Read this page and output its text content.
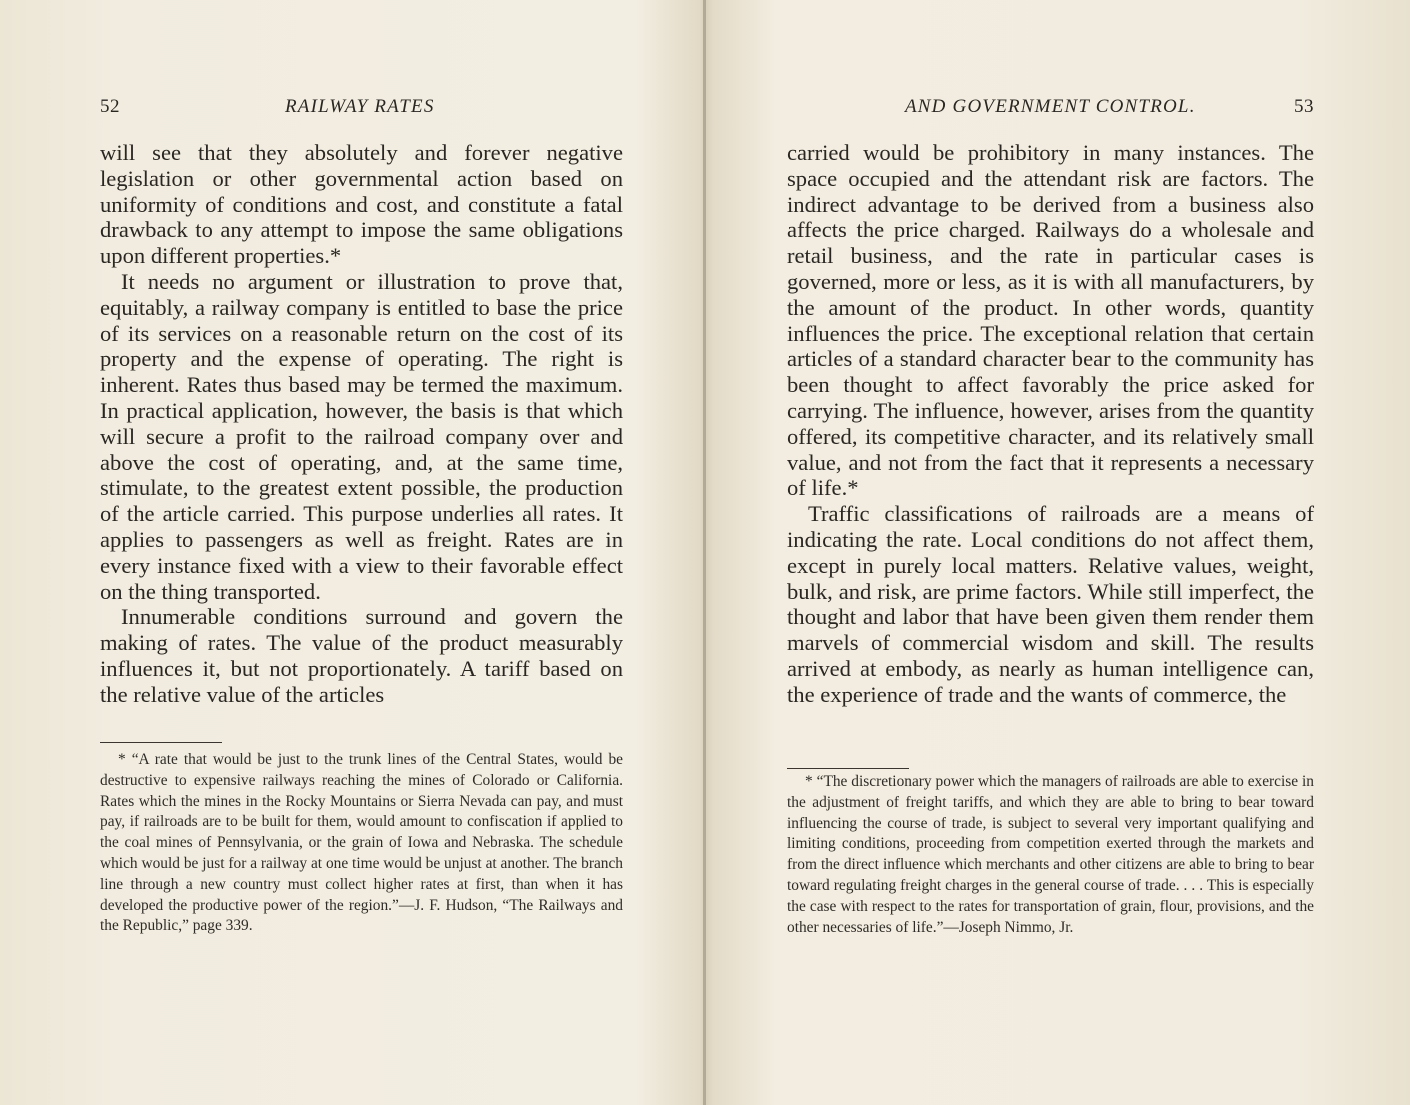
52	RAILWAY RATES

will see that they absolutely and forever negative legislation or other governmental action based on uniformity of conditions and cost, and constitute a fatal drawback to any attempt to impose the same obligations upon different properties.*

It needs no argument or illustration to prove that, equitably, a railway company is entitled to base the price of its services on a reasonable return on the cost of its property and the expense of operating. The right is inherent. Rates thus based may be termed the maximum. In practical application, however, the basis is that which will secure a profit to the railroad company over and above the cost of operating, and, at the same time, stimulate, to the greatest extent possible, the production of the article carried. This purpose underlies all rates. It applies to passengers as well as freight. Rates are in every instance fixed with a view to their favorable effect on the thing transported.

Innumerable conditions surround and govern the making of rates. The value of the product measurably influences it, but not proportionately. A tariff based on the relative value of the articles

* “A rate that would be just to the trunk lines of the Central States, would be destructive to expensive railways reaching the mines of Colorado or California. Rates which the mines in the Rocky Mountains or Sierra Nevada can pay, and must pay, if railroads are to be built for them, would amount to confiscation if applied to the coal mines of Pennsylvania, or the grain of Iowa and Nebraska. The schedule which would be just for a railway at one time would be unjust at another. The branch line through a new country must collect higher rates at first, than when it has developed the productive power of the region.”—J. F. Hudson, “The Railways and the Republic,” page 339.

AND GOVERNMENT CONTROL.	53

carried would be prohibitory in many instances. The space occupied and the attendant risk are factors. The indirect advantage to be derived from a business also affects the price charged. Railways do a wholesale and retail business, and the rate in particular cases is governed, more or less, as it is with all manufacturers, by the amount of the product. In other words, quantity influences the price. The exceptional relation that certain articles of a standard character bear to the community has been thought to affect favorably the price asked for carrying. The influence, however, arises from the quantity offered, its competitive character, and its relatively small value, and not from the fact that it represents a necessary of life.*

Traffic classifications of railroads are a means of indicating the rate. Local conditions do not affect them, except in purely local matters. Relative values, weight, bulk, and risk, are prime factors. While still imperfect, the thought and labor that have been given them render them marvels of commercial wisdom and skill. The results arrived at embody, as nearly as human intelligence can, the experience of trade and the wants of commerce, the

* “The discretionary power which the managers of railroads are able to exercise in the adjustment of freight tariffs, and which they are able to bring to bear toward influencing the course of trade, is subject to several very important qualifying and limiting conditions, proceeding from competition exerted through the markets and from the direct influence which merchants and other citizens are able to bring to bear toward regulating freight charges in the general course of trade. . . . This is especially the case with respect to the rates for transportation of grain, flour, provisions, and the other necessaries of life.”—Joseph Nimmo, Jr.
